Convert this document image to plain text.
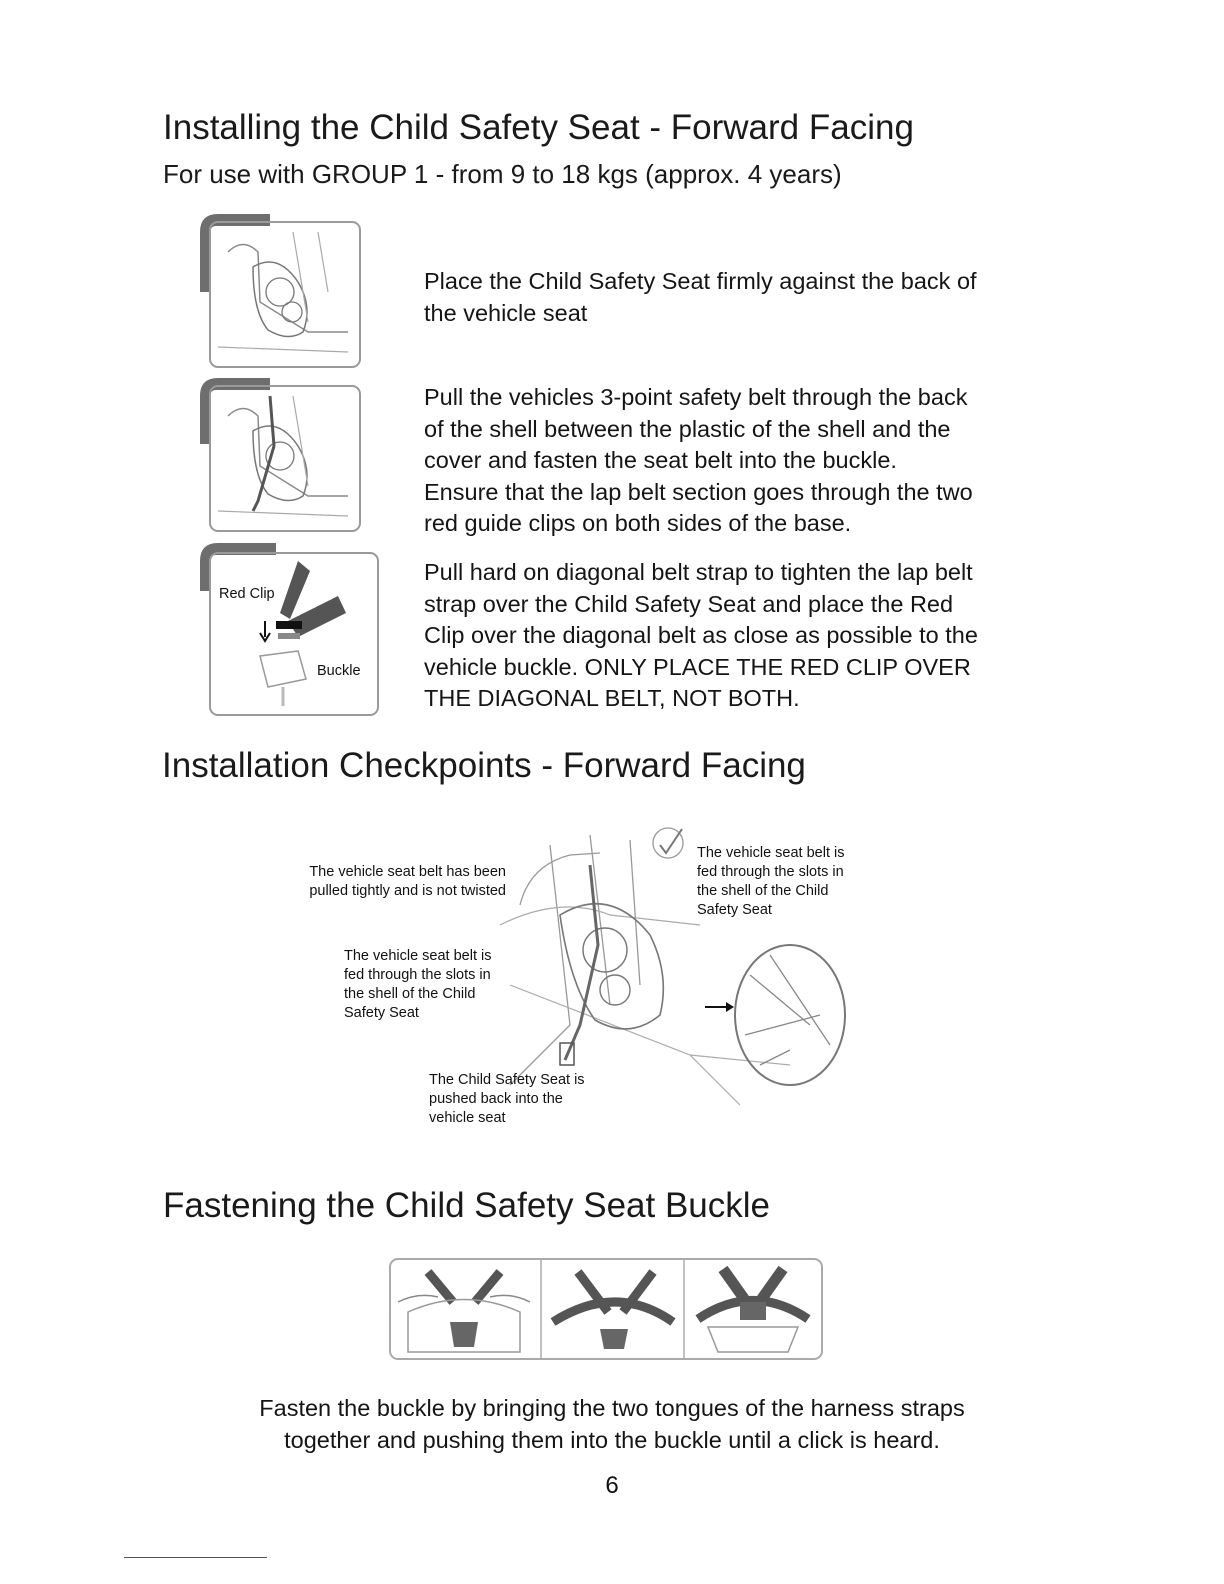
Installing the Child Safety Seat - Forward Facing
For use with GROUP 1 - from 9 to 18 kgs (approx. 4 years)
Red Clip
Buckle
Place the Child Safety Seat firmly against the back of
the vehicle seat
Pull the vehicles 3-point safety belt through the back
of the shell between the plastic of the shell and the
cover and fasten the seat belt into the buckle.
Ensure that the lap belt section goes through the two
red guide clips on both sides of the base.
Pull hard on diagonal belt strap to tighten the lap belt
strap over the Child Safety Seat and place the Red
Clip over the diagonal belt as close as possible to the
vehicle buckle. ONLY PLACE THE RED CLIP OVER
THE DIAGONAL BELT, NOT BOTH.
Installation Checkpoints - Forward Facing
The vehicle seat belt has been
pulled tightly and is not twisted
The vehicle seat belt is
fed through the slots in
the shell of the Child
Safety Seat
The vehicle seat belt is
fed through the slots in
the shell of the Child
Safety Seat
The Child Safety Seat is
pushed back into the
vehicle seat
Fastening the Child Safety Seat Buckle
Fasten the buckle by bringing the two tongues of the harness straps
together and pushing them into the buckle until a click is heard.
6
